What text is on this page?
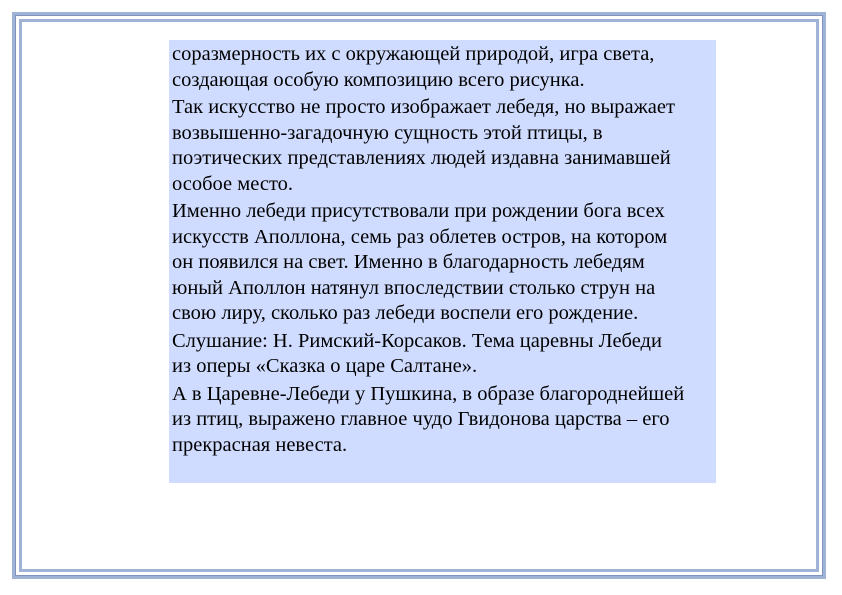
соразмерность их с окружающей природой, игра света,
создающая особую композицию всего рисунка.

Так искусство не просто изображает лебедя, но выражает
возвышенно-загадочную сущность этой птицы, в
поэтических представлениях людей издавна занимавшей
особое место.

Именно лебеди присутствовали при рождении бога всех
искусств Аполлона, семь раз облетев остров, на котором
он появился на свет. Именно в благодарность лебедям
юный Аполлон натянул впоследствии столько струн на
свою лиру, сколько раз лебеди воспели его рождение.

Слушание: Н. Римский-Корсаков. Тема царевны Лебеди
из оперы «Сказка о царе Салтане».

А в Царевне-Лебеди у Пушкина, в образе благороднейшей
из птиц, выражено главное чудо Гвидонова царства – его
прекрасная невеста.
